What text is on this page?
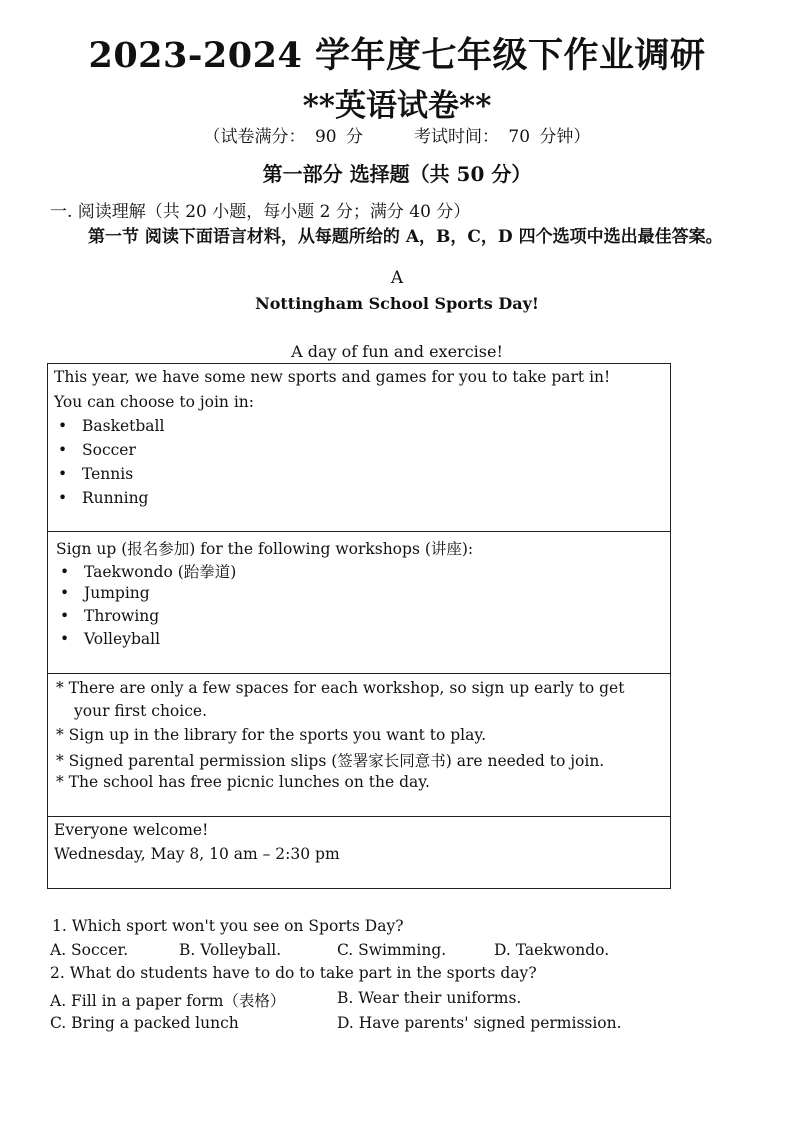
2023-2024 学年度七年级下作业调研
**英语试卷**
（试卷满分： 90 分　　　考试时间： 70 分钟）
第一部分 选择题（共 50 分）
一. 阅读理解（共 20 小题，每小题 2 分；满分 40 分）
第一节 阅读下面语言材料，从每题所给的 A，B，C，D 四个选项中选出最佳答案。
A
Nottingham School Sports Day!
A day of fun and exercise!
This year, we have some new sports and games for you to take part in!
You can choose to join in:
• Basketball
• Soccer
• Tennis
• Running
Sign up (报名参加) for the following workshops (讲座):
• Taekwondo (跆拳道)
• Jumping
• Throwing
• Volleyball
* There are only a few spaces for each workshop, so sign up early to get
your first choice.
* Sign up in the library for the sports you want to play.
* Signed parental permission slips (签署家长同意书) are needed to join.
* The school has free picnic lunches on the day.
Everyone welcome!
Wednesday, May 8, 10 am – 2:30 pm
1. Which sport won't you see on Sports Day?
A. Soccer.	B. Volleyball.	C. Swimming.	D. Taekwondo.
2. What do students have to do to take part in the sports day?
A. Fill in a paper form（表格）	B. Wear their uniforms.
C. Bring a packed lunch	D. Have parents' signed permission.
